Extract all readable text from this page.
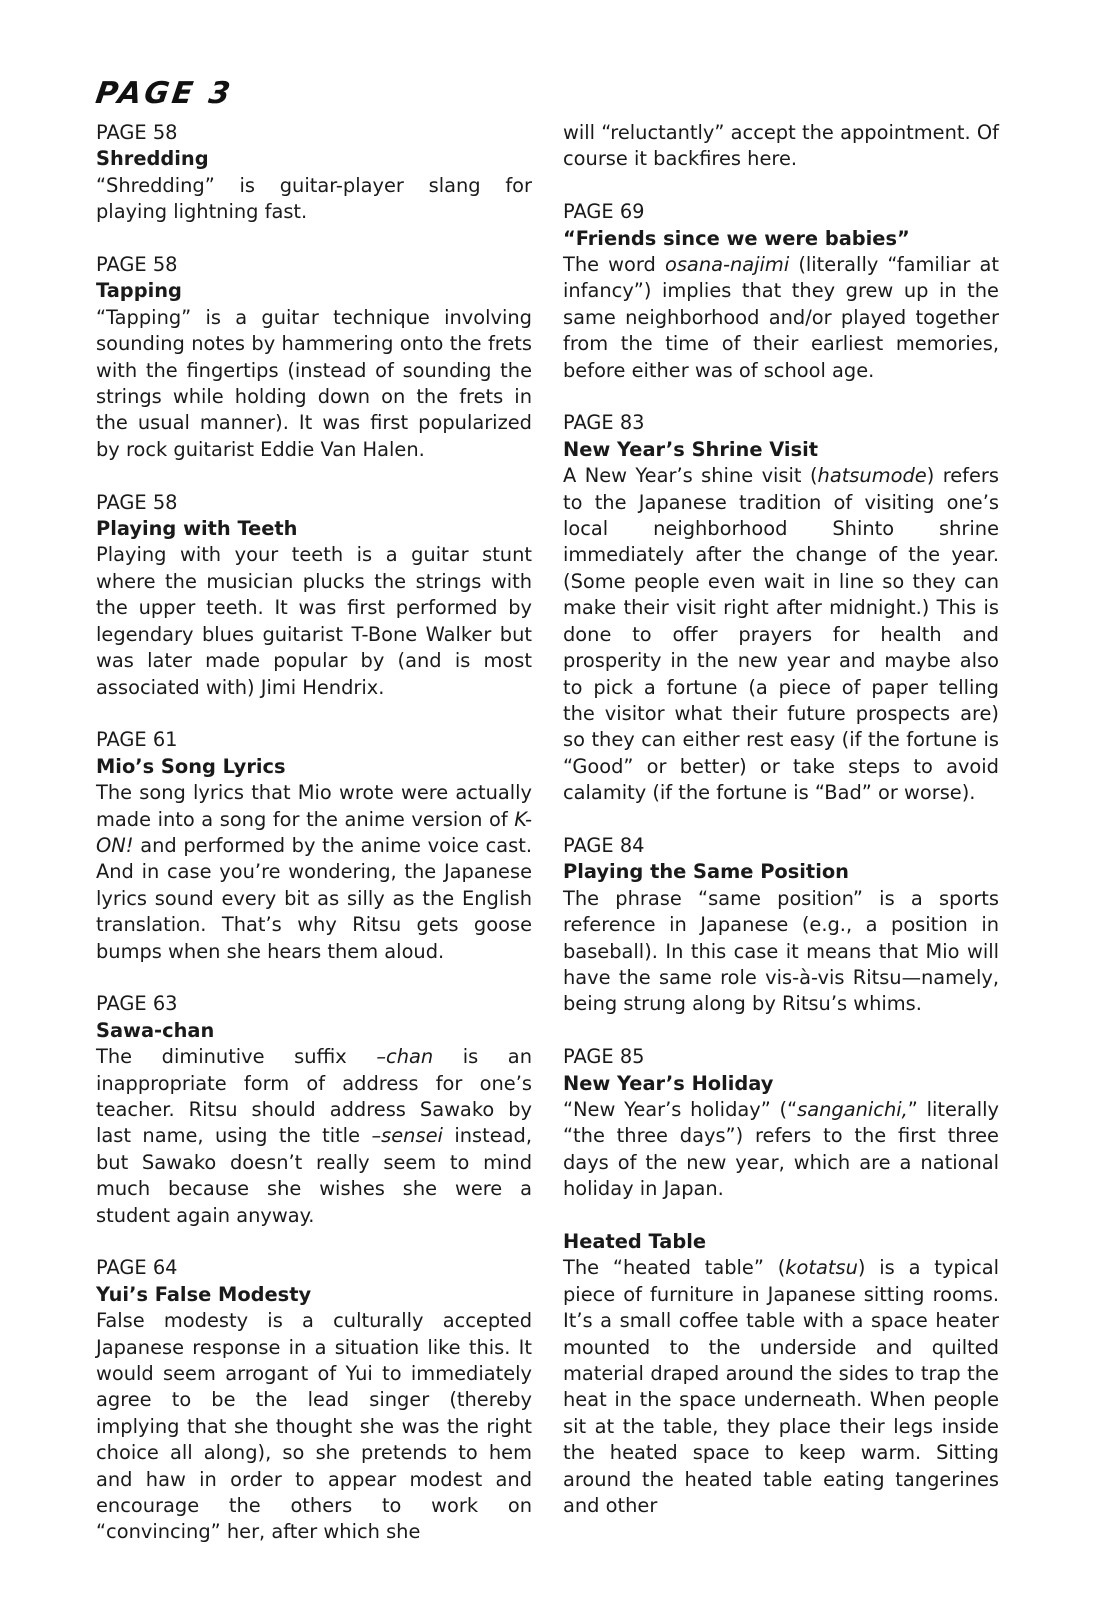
PAGE 3
PAGE 58
Shredding
“Shredding” is guitar-player slang for playing lightning fast.
PAGE 58
Tapping
“Tapping” is a guitar technique involving sounding notes by hammering onto the frets with the fingertips (instead of sounding the strings while holding down on the frets in the usual manner). It was first popularized by rock guitarist Eddie Van Halen.
PAGE 58
Playing with Teeth
Playing with your teeth is a guitar stunt where the musician plucks the strings with the upper teeth. It was first performed by legendary blues guitarist T-Bone Walker but was later made popular by (and is most associated with) Jimi Hendrix.
PAGE 61
Mio’s Song Lyrics
The song lyrics that Mio wrote were actually made into a song for the anime version of K-ON! and performed by the anime voice cast. And in case you’re wondering, the Japanese lyrics sound every bit as silly as the English translation. That’s why Ritsu gets goose bumps when she hears them aloud.
PAGE 63
Sawa-chan
The diminutive suffix –chan is an inappropriate form of address for one’s teacher. Ritsu should address Sawako by last name, using the title –sensei instead, but Sawako doesn’t really seem to mind much because she wishes she were a student again anyway.
PAGE 64
Yui’s False Modesty
False modesty is a culturally accepted Japanese response in a situation like this. It would seem arrogant of Yui to immediately agree to be the lead singer (thereby implying that she thought she was the right choice all along), so she pretends to hem and haw in order to appear modest and encourage the others to work on “convincing” her, after which she
will “reluctantly” accept the appointment. Of course it backfires here.
PAGE 69
“Friends since we were babies”
The word osana-najimi (literally “familiar at infancy”) implies that they grew up in the same neighborhood and/or played together from the time of their earliest memories, before either was of school age.
PAGE 83
New Year’s Shrine Visit
A New Year’s shine visit (hatsumode) refers to the Japanese tradition of visiting one’s local neighborhood Shinto shrine immediately after the change of the year. (Some people even wait in line so they can make their visit right after midnight.) This is done to offer prayers for health and prosperity in the new year and maybe also to pick a fortune (a piece of paper telling the visitor what their future prospects are) so they can either rest easy (if the fortune is “Good” or better) or take steps to avoid calamity (if the fortune is “Bad” or worse).
PAGE 84
Playing the Same Position
The phrase “same position” is a sports reference in Japanese (e.g., a position in baseball). In this case it means that Mio will have the same role vis-à-vis Ritsu—namely, being strung along by Ritsu’s whims.
PAGE 85
New Year’s Holiday
“New Year’s holiday” (“sanganichi,” literally “the three days”) refers to the first three days of the new year, which are a national holiday in Japan.
Heated Table
The “heated table” (kotatsu) is a typical piece of furniture in Japanese sitting rooms. It’s a small coffee table with a space heater mounted to the underside and quilted material draped around the sides to trap the heat in the space underneath. When people sit at the table, they place their legs inside the heated space to keep warm. Sitting around the heated table eating tangerines and other
